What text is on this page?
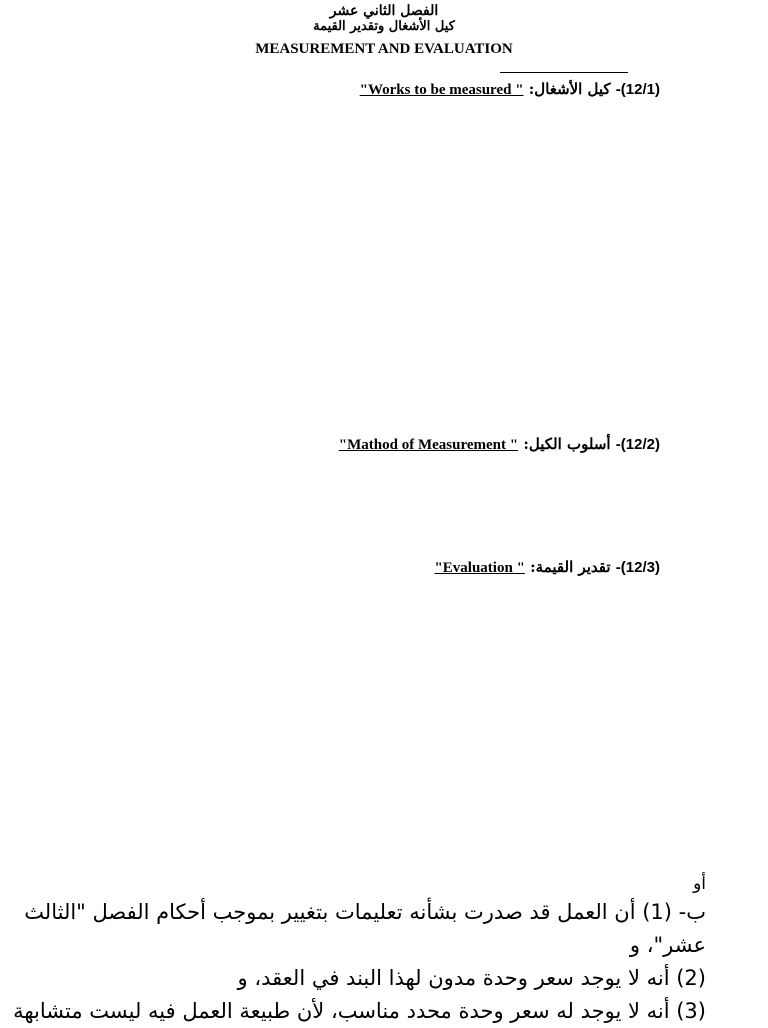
الفصل الثاني عشر
كيل الأشغال وتقدير القيمة
MEASUREMENT AND EVALUATION
(12/1)- كيل الأشغال: "Works to be measured "
(12/2)- أسلوب الكيل: "Mathod of Measurement "
(12/3)- تقدير القيمة: "Evaluation "
أو
ب- (1) أن العمل قد صدرت بشأنه تعليمات بتغيير بموجب أحكام الفصل "الثالث
عشر"، و
(2) أنه لا يوجد سعر وحدة مدون لهذا البند في العقد، و
(3) أنه لا يوجد له سعر وحدة محدد مناسب، لأن طبيعة العمل فيه ليست متشابهة
